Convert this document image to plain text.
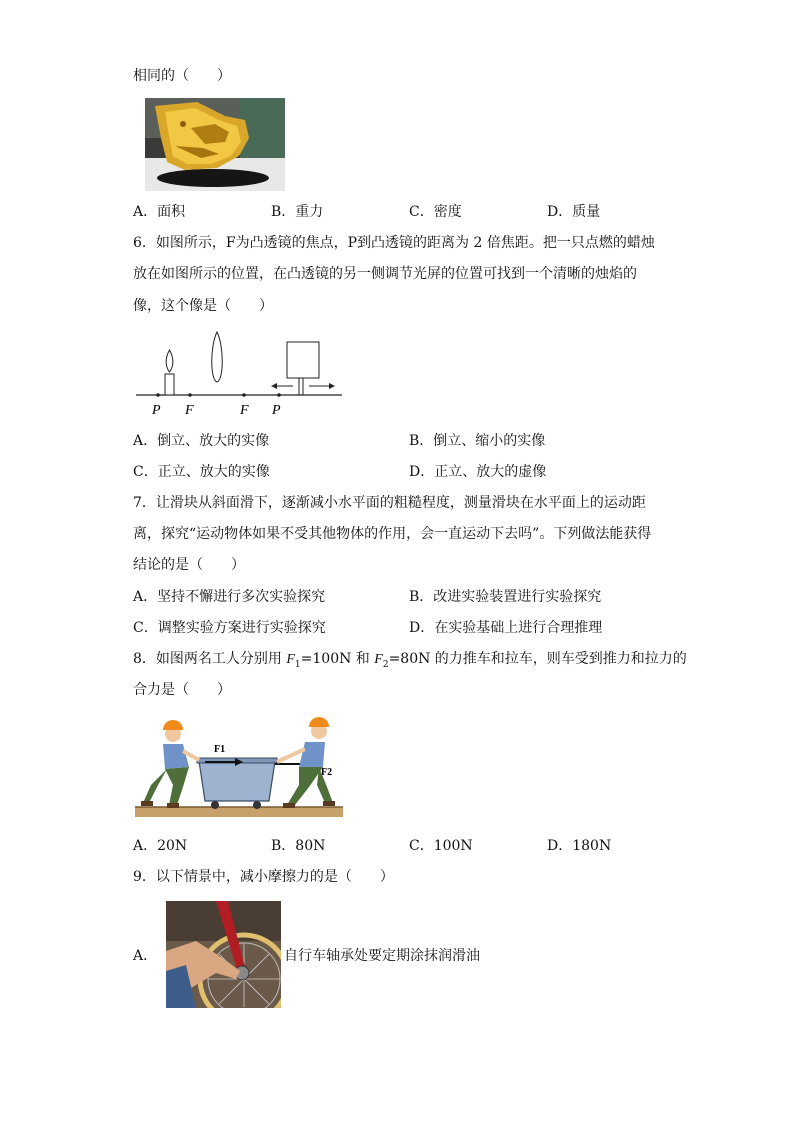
相同的（　　）
A．面积	B．重力	C．密度	D．质量
6．如图所示，F为凸透镜的焦点，P到凸透镜的距离为 2 倍焦距。把一只点燃的蜡烛
放在如图所示的位置，在凸透镜的另一侧调节光屏的位置可找到一个清晰的烛焰的
像，这个像是（　　）
P F	F P
A．倒立、放大的实像	B．倒立、缩小的实像
C．正立、放大的实像	D．正立、放大的虚像
7．让滑块从斜面滑下，逐渐减小水平面的粗糙程度，测量滑块在水平面上的运动距
离，探究“运动物体如果不受其他物体的作用，会一直运动下去吗”。下列做法能获得
结论的是（　　）
A．坚持不懈进行多次实验探究	B．改进实验装置进行实验探究
C．调整实验方案进行实验探究	D．在实验基础上进行合理推理
8．如图两名工人分别用 $F_1=100N$ 和 $F_2=80N$ 的力推车和拉车，则车受到推力和拉力的
合力是（　　）
F1
F2
A．20N	B．80N	C．100N	D．180N
9．以下情景中，减小摩擦力的是（　　）
A．	自行车轴承处要定期涂抹润滑油
